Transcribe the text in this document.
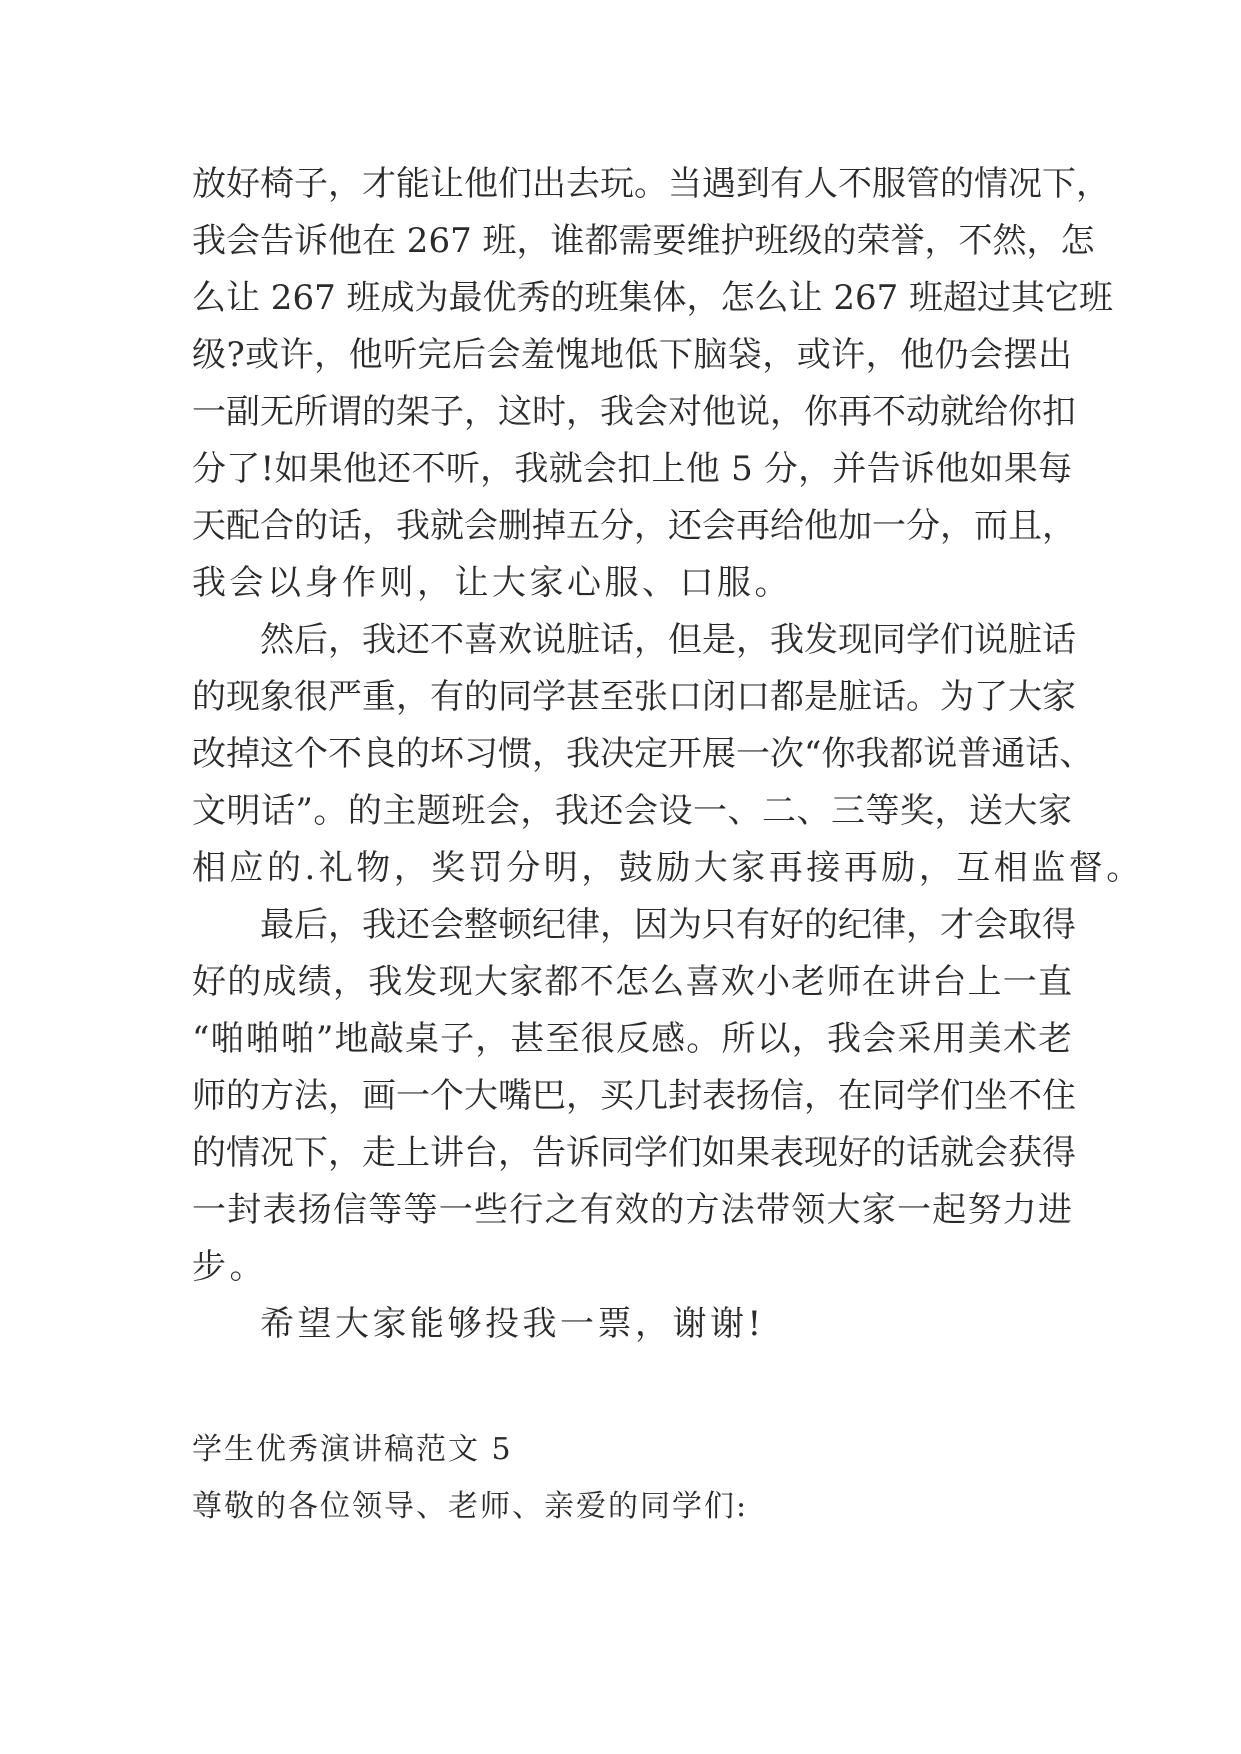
放好椅子，才能让他们出去玩。当遇到有人不服管的情况下，
我会告诉他在 267 班，谁都需要维护班级的荣誉，不然，怎
么让 267 班成为最优秀的班集体，怎么让 267 班超过其它班
级?或许，他听完后会羞愧地低下脑袋，或许，他仍会摆出
一副无所谓的架子，这时，我会对他说，你再不动就给你扣
分了!如果他还不听，我就会扣上他 5 分，并告诉他如果每
天配合的话，我就会删掉五分，还会再给他加一分，而且，
我会以身作则，让大家心服、口服。
然后，我还不喜欢说脏话，但是，我发现同学们说脏话
的现象很严重，有的同学甚至张口闭口都是脏话。为了大家
改掉这个不良的坏习惯，我决定开展一次“你我都说普通话、
文明话”。的主题班会，我还会设一、二、三等奖，送大家
相应的.礼物，奖罚分明，鼓励大家再接再励，互相监督。
最后，我还会整顿纪律，因为只有好的纪律，才会取得
好的成绩，我发现大家都不怎么喜欢小老师在讲台上一直
“啪啪啪”地敲桌子，甚至很反感。所以，我会采用美术老
师的方法，画一个大嘴巴，买几封表扬信，在同学们坐不住
的情况下，走上讲台，告诉同学们如果表现好的话就会获得
一封表扬信等等一些行之有效的方法带领大家一起努力进
步。
希望大家能够投我一票，谢谢!
学生优秀演讲稿范文 5
尊敬的各位领导、老师、亲爱的同学们:
